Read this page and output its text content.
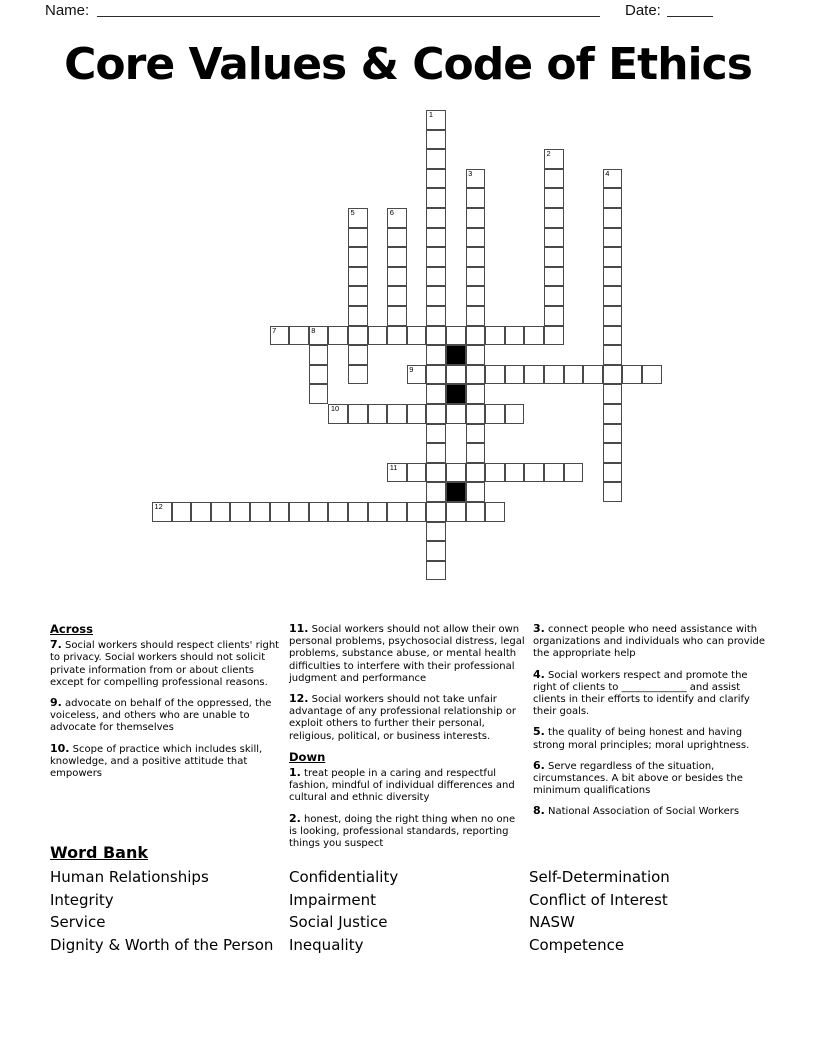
Name:	Date:
Core Values & Code of Ethics
7	8
9
10
11
12
1
2
3	4
5	6
Across

7. Social workers should respect clients' right to privacy. Social workers should not solicit private information from or about clients except for compelling professional reasons.

9. advocate on behalf of the oppressed, the voiceless, and others who are unable to advocate for themselves

10. Scope of practice which includes skill, knowledge, and a positive attitude that empowers

11. Social workers should not allow their own personal problems, psychosocial distress, legal problems, substance abuse, or mental health difficulties to interfere with their professional judgment and performance

12. Social workers should not take unfair advantage of any professional relationship or exploit others to further their personal, religious, political, or business interests.

Down

1. treat people in a caring and respectful fashion, mindful of individual differences and cultural and ethnic diversity

2. honest, doing the right thing when no one is looking, professional standards, reporting things you suspect

3. connect people who need assistance with organizations and individuals who can provide the appropriate help

4. Social workers respect and promote the right of clients to _____________ and assist clients in their efforts to identify and clarify their goals.

5. the quality of being honest and having strong moral principles; moral uprightness.

6. Serve regardless of the situation, circumstances. A bit above or besides the minimum qualifications

8. National Association of Social Workers

Word Bank
Human Relationships
Integrity
Service
Dignity & Worth of the Person
Confidentiality
Impairment
Social Justice
Inequality
Self-Determination
Conflict of Interest
NASW
Competence
